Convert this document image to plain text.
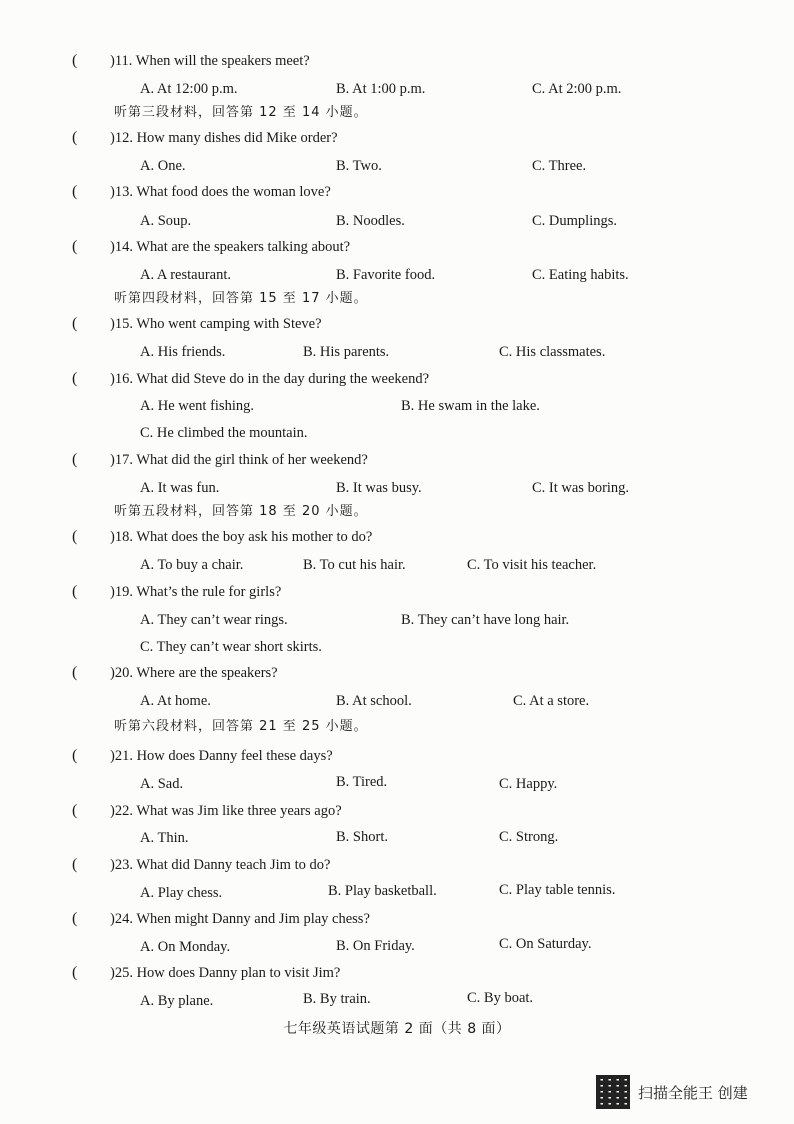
( )11. When will the speakers meet?
A. At 12:00 p.m.	B. At 1:00 p.m.	C. At 2:00 p.m.
听第三段材料，回答第 12 至 14 小题。
( )12. How many dishes did Mike order?
A. One.	B. Two.	C. Three.
( )13. What food does the woman love?
A. Soup.	B. Noodles.	C. Dumplings.
( )14. What are the speakers talking about?
A. A restaurant.	B. Favorite food.	C. Eating habits.
听第四段材料，回答第 15 至 17 小题。
( )15. Who went camping with Steve?
A. His friends.	B. His parents.	C. His classmates.
( )16. What did Steve do in the day during the weekend?
A. He went fishing.	B. He swam in the lake.
C. He climbed the mountain.
( )17. What did the girl think of her weekend?
A. It was fun.	B. It was busy.	C. It was boring.
听第五段材料，回答第 18 至 20 小题。
( )18. What does the boy ask his mother to do?
A. To buy a chair.	B. To cut his hair.	C. To visit his teacher.
( )19. What’s the rule for girls?
A. They can’t wear rings.	B. They can’t have long hair.
C. They can’t wear short skirts.
( )20. Where are the speakers?
A. At home.	B. At school.	C. At a store.
听第六段材料，回答第 21 至 25 小题。
( )21. How does Danny feel these days?
A. Sad.	B. Tired.	C. Happy.
( )22. What was Jim like three years ago?
A. Thin.	B. Short.	C. Strong.
( )23. What did Danny teach Jim to do?
A. Play chess.	B. Play basketball.	C. Play table tennis.
( )24. When might Danny and Jim play chess?
A. On Monday.	B. On Friday.	C. On Saturday.
( )25. How does Danny plan to visit Jim?
A. By plane.	B. By train.	C. By boat.
七年级英语试题第 2 面（共 8 面）
扫描全能王 创建
